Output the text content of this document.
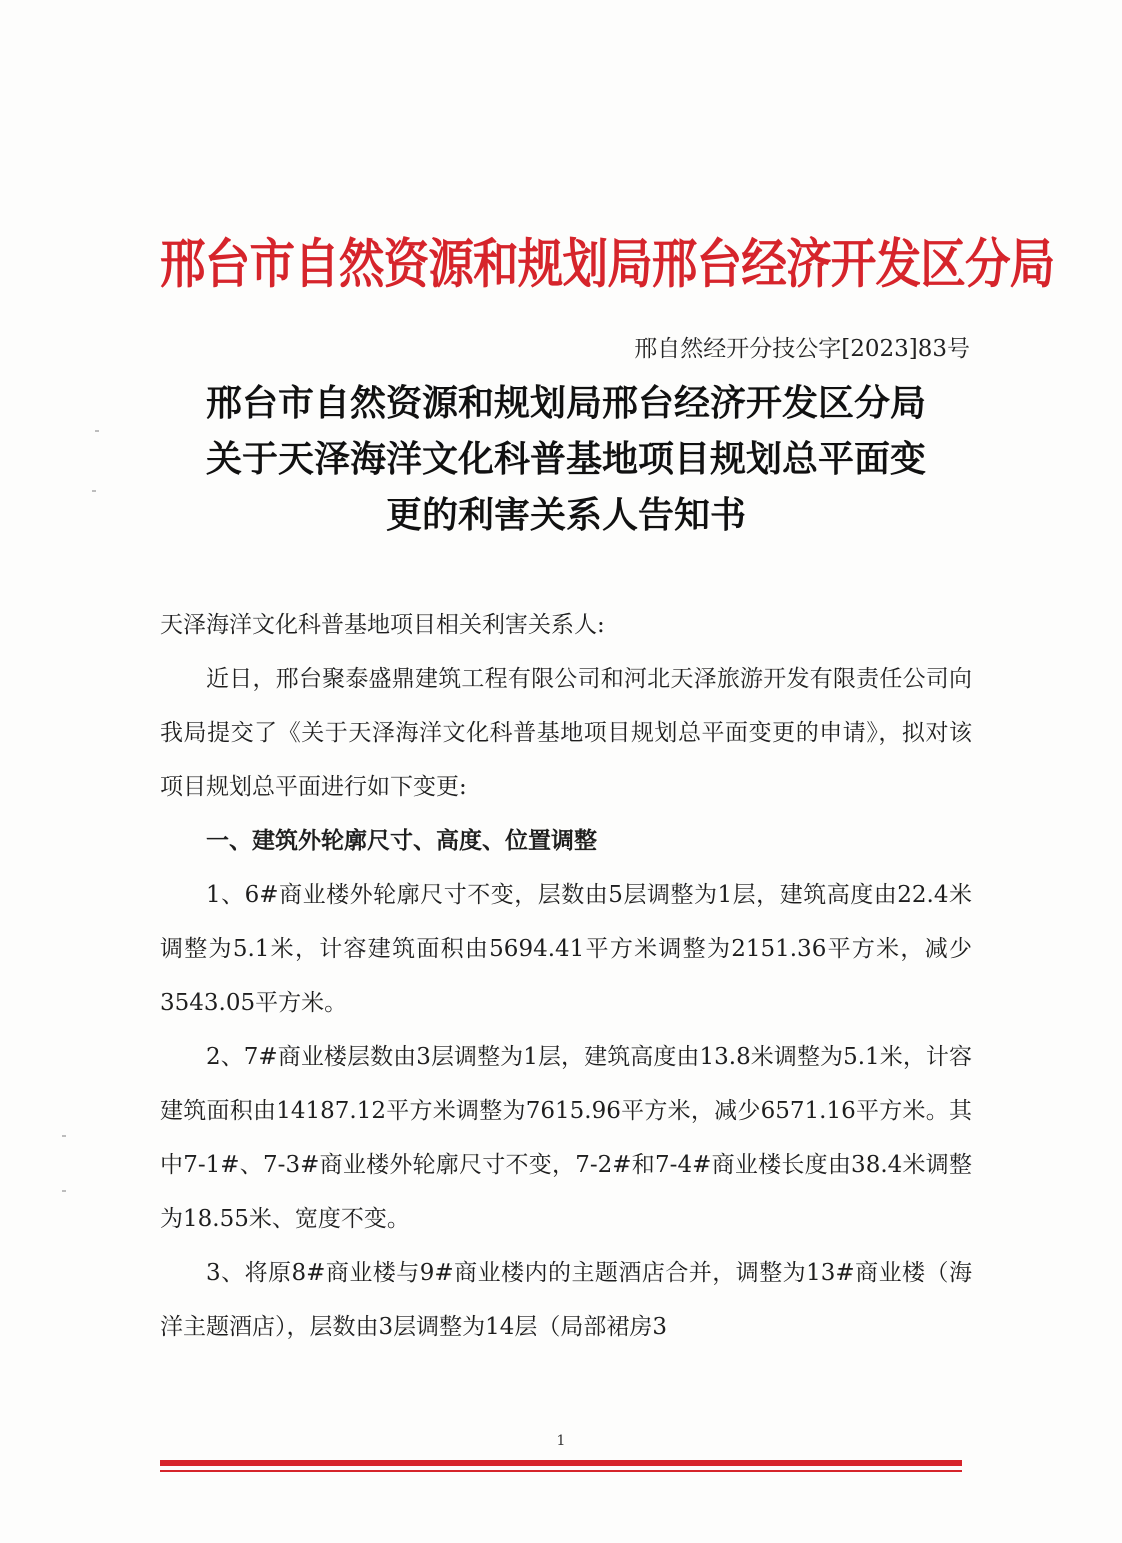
邢台市自然资源和规划局邢台经济开发区分局
邢自然经开分技公字[2023]83号
邢台市自然资源和规划局邢台经济开发区分局
关于天泽海洋文化科普基地项目规划总平面变
更的利害关系人告知书

天泽海洋文化科普基地项目相关利害关系人:

近日，邢台聚泰盛鼎建筑工程有限公司和河北天泽旅游开发有限责任公司向我局提交了《关于天泽海洋文化科普基地项目规划总平面变更的申请》，拟对该项目规划总平面进行如下变更:

一、建筑外轮廓尺寸、高度、位置调整

1、6#商业楼外轮廓尺寸不变，层数由5层调整为1层，建筑高度由22.4米调整为5.1米，计容建筑面积由5694.41平方米调整为2151.36平方米，减少3543.05平方米。

2、7#商业楼层数由3层调整为1层，建筑高度由13.8米调整为5.1米，计容建筑面积由14187.12平方米调整为7615.96平方米，减少6571.16平方米。其中7-1#、7-3#商业楼外轮廓尺寸不变，7-2#和7-4#商业楼长度由38.4米调整为18.55米、宽度不变。

3、将原8#商业楼与9#商业楼内的主题酒店合并，调整为13#商业楼（海洋主题酒店），层数由3层调整为14层（局部裙房3

1
